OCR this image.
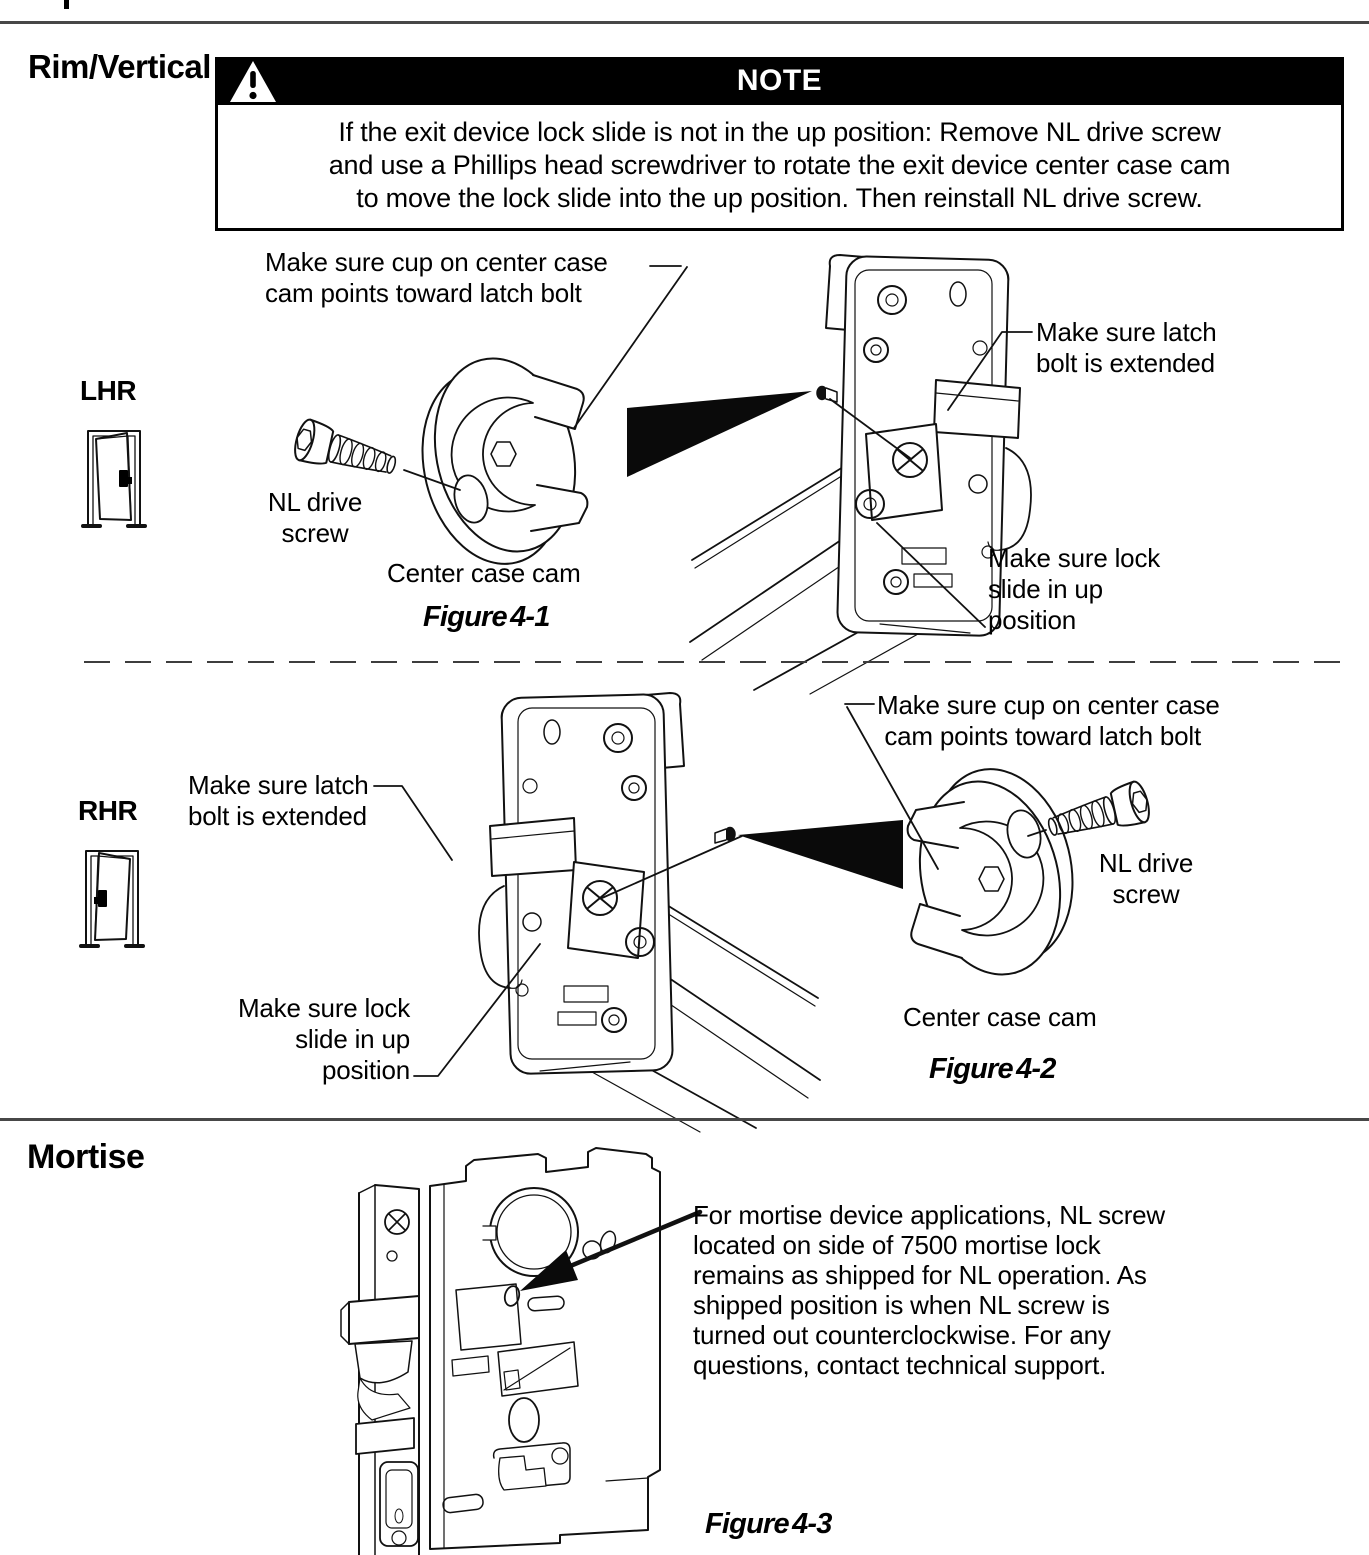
Rim/Vertical	NOTE
If the exit device lock slide is not in the up position: Remove NL drive screw
and use a Phillips head screwdriver to rotate the exit device center case cam
to move the lock slide into the up position. Then reinstall NL drive screw.
Make sure cup on center case
cam points toward latch bolt
LHR
NL drive
screw
Center case cam
Figure 4-1
Make sure latch
bolt is extended
Make sure lock
slide in up
position
RHR
Make sure latch
bolt is extended
Make sure lock
slide in up
position
Make sure cup on center case
cam points toward latch bolt
NL drive
screw
Center case cam
Figure 4-2
Mortise
For mortise device applications, NL screw
located on side of 7500 mortise lock
remains as shipped for NL operation. As
shipped position is when NL screw is
turned out counterclockwise. For any
questions, contact technical support.
Figure 4-3
